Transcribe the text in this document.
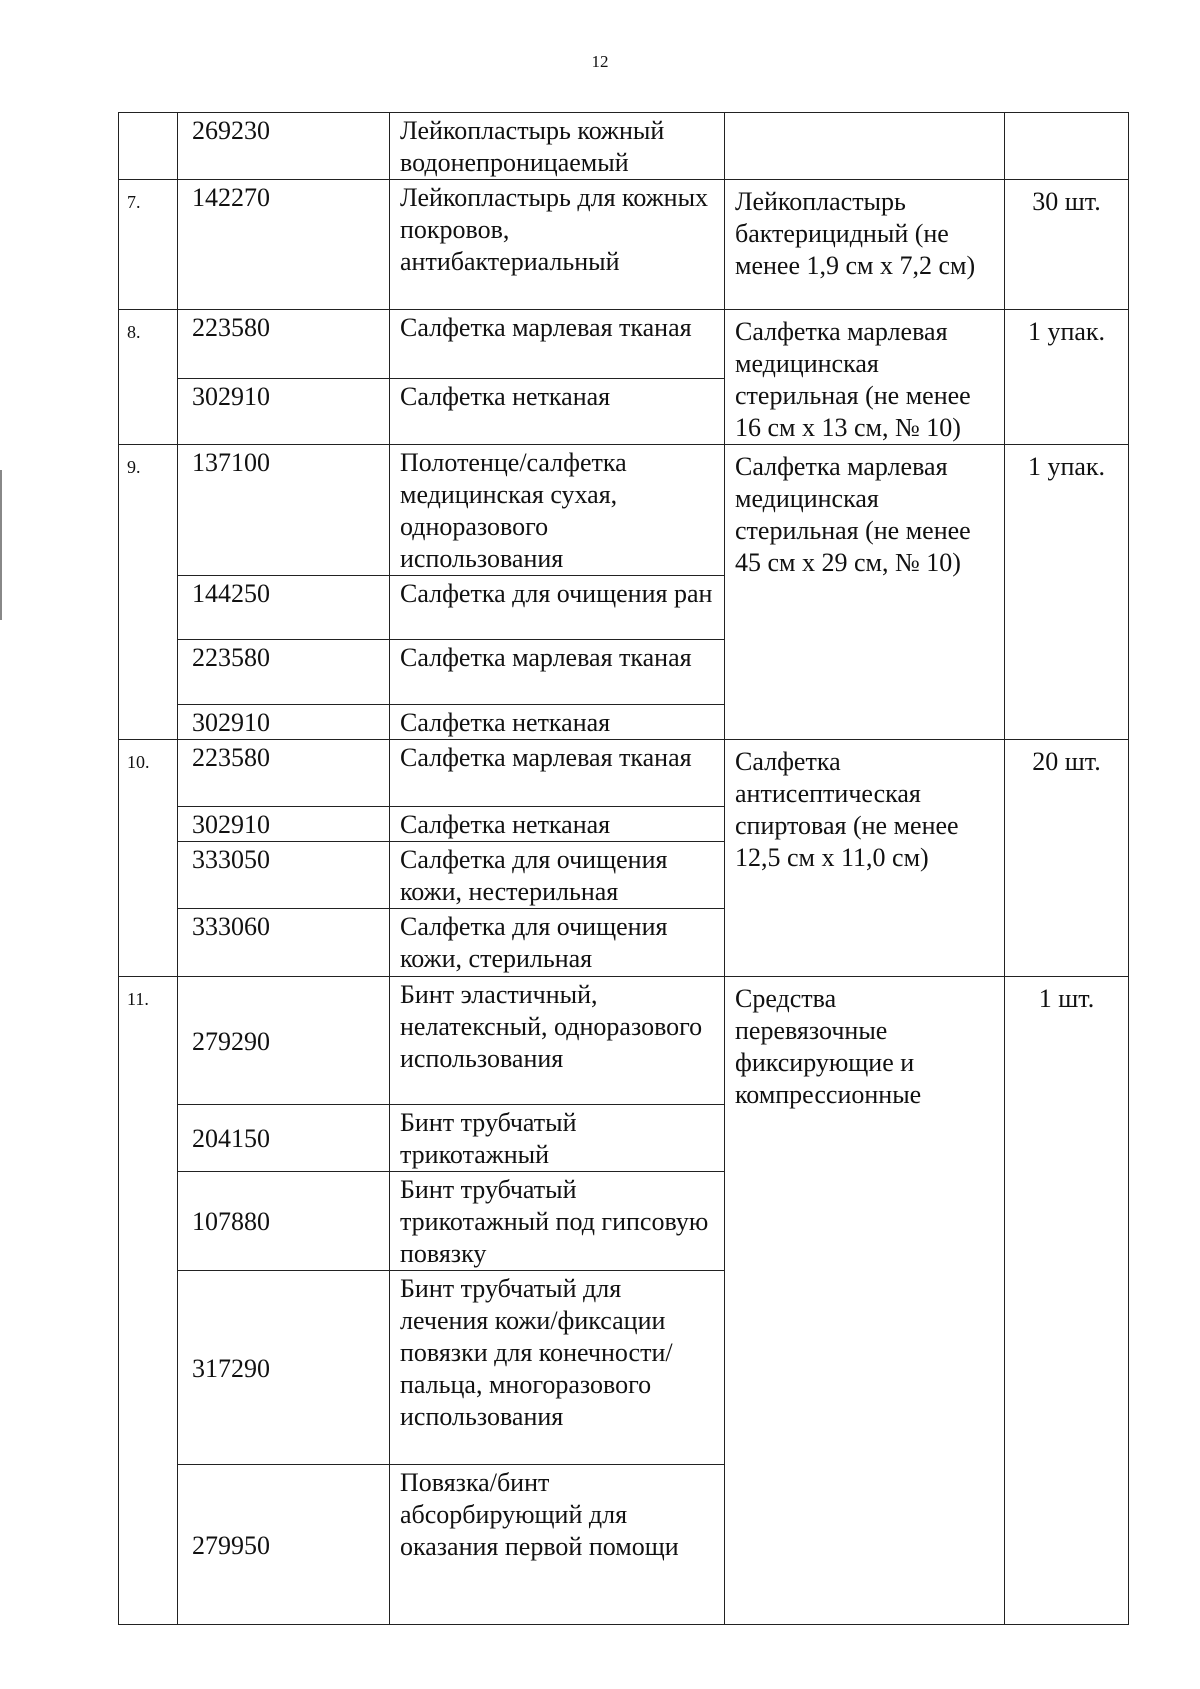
12
	269230	Лейкопластырь кожный водонепроницаемый		
7.	142270	Лейкопластырь для кожных покровов, антибактериальный	Лейкопластырь бактерицидный (не менее 1,9 см х 7,2 см)	30 шт.
8.	223580	Салфетка марлевая тканая	Салфетка марлевая медицинская стерильная (не менее 16 см х 13 см, № 10)	1 упак.
	302910	Салфетка нетканая		
9.	137100	Полотенце/салфетка медицинская сухая, одноразового использования	Салфетка марлевая медицинская стерильная (не менее 45 см х 29 см, № 10)	1 упак.
	144250	Салфетка для очищения ран		
	223580	Салфетка марлевая тканая		
	302910	Салфетка нетканая		
10.	223580	Салфетка марлевая тканая	Салфетка антисептическая спиртовая (не менее 12,5 см х 11,0 см)	20 шт.
	302910	Салфетка нетканая		
	333050	Салфетка для очищения кожи, нестерильная		
	333060	Салфетка для очищения кожи, стерильная		
11.	279290	Бинт эластичный, нелатексный, одноразового использования	Средства перевязочные фиксирующие и компрессионные	1 шт.
	204150	Бинт трубчатый трикотажный		
	107880	Бинт трубчатый трикотажный под гипсовую повязку		
	317290	Бинт трубчатый для лечения кожи/фиксации повязки для конечности/пальца, многоразового использования		
	279950	Повязка/бинт абсорбирующий для оказания первой помощи		
